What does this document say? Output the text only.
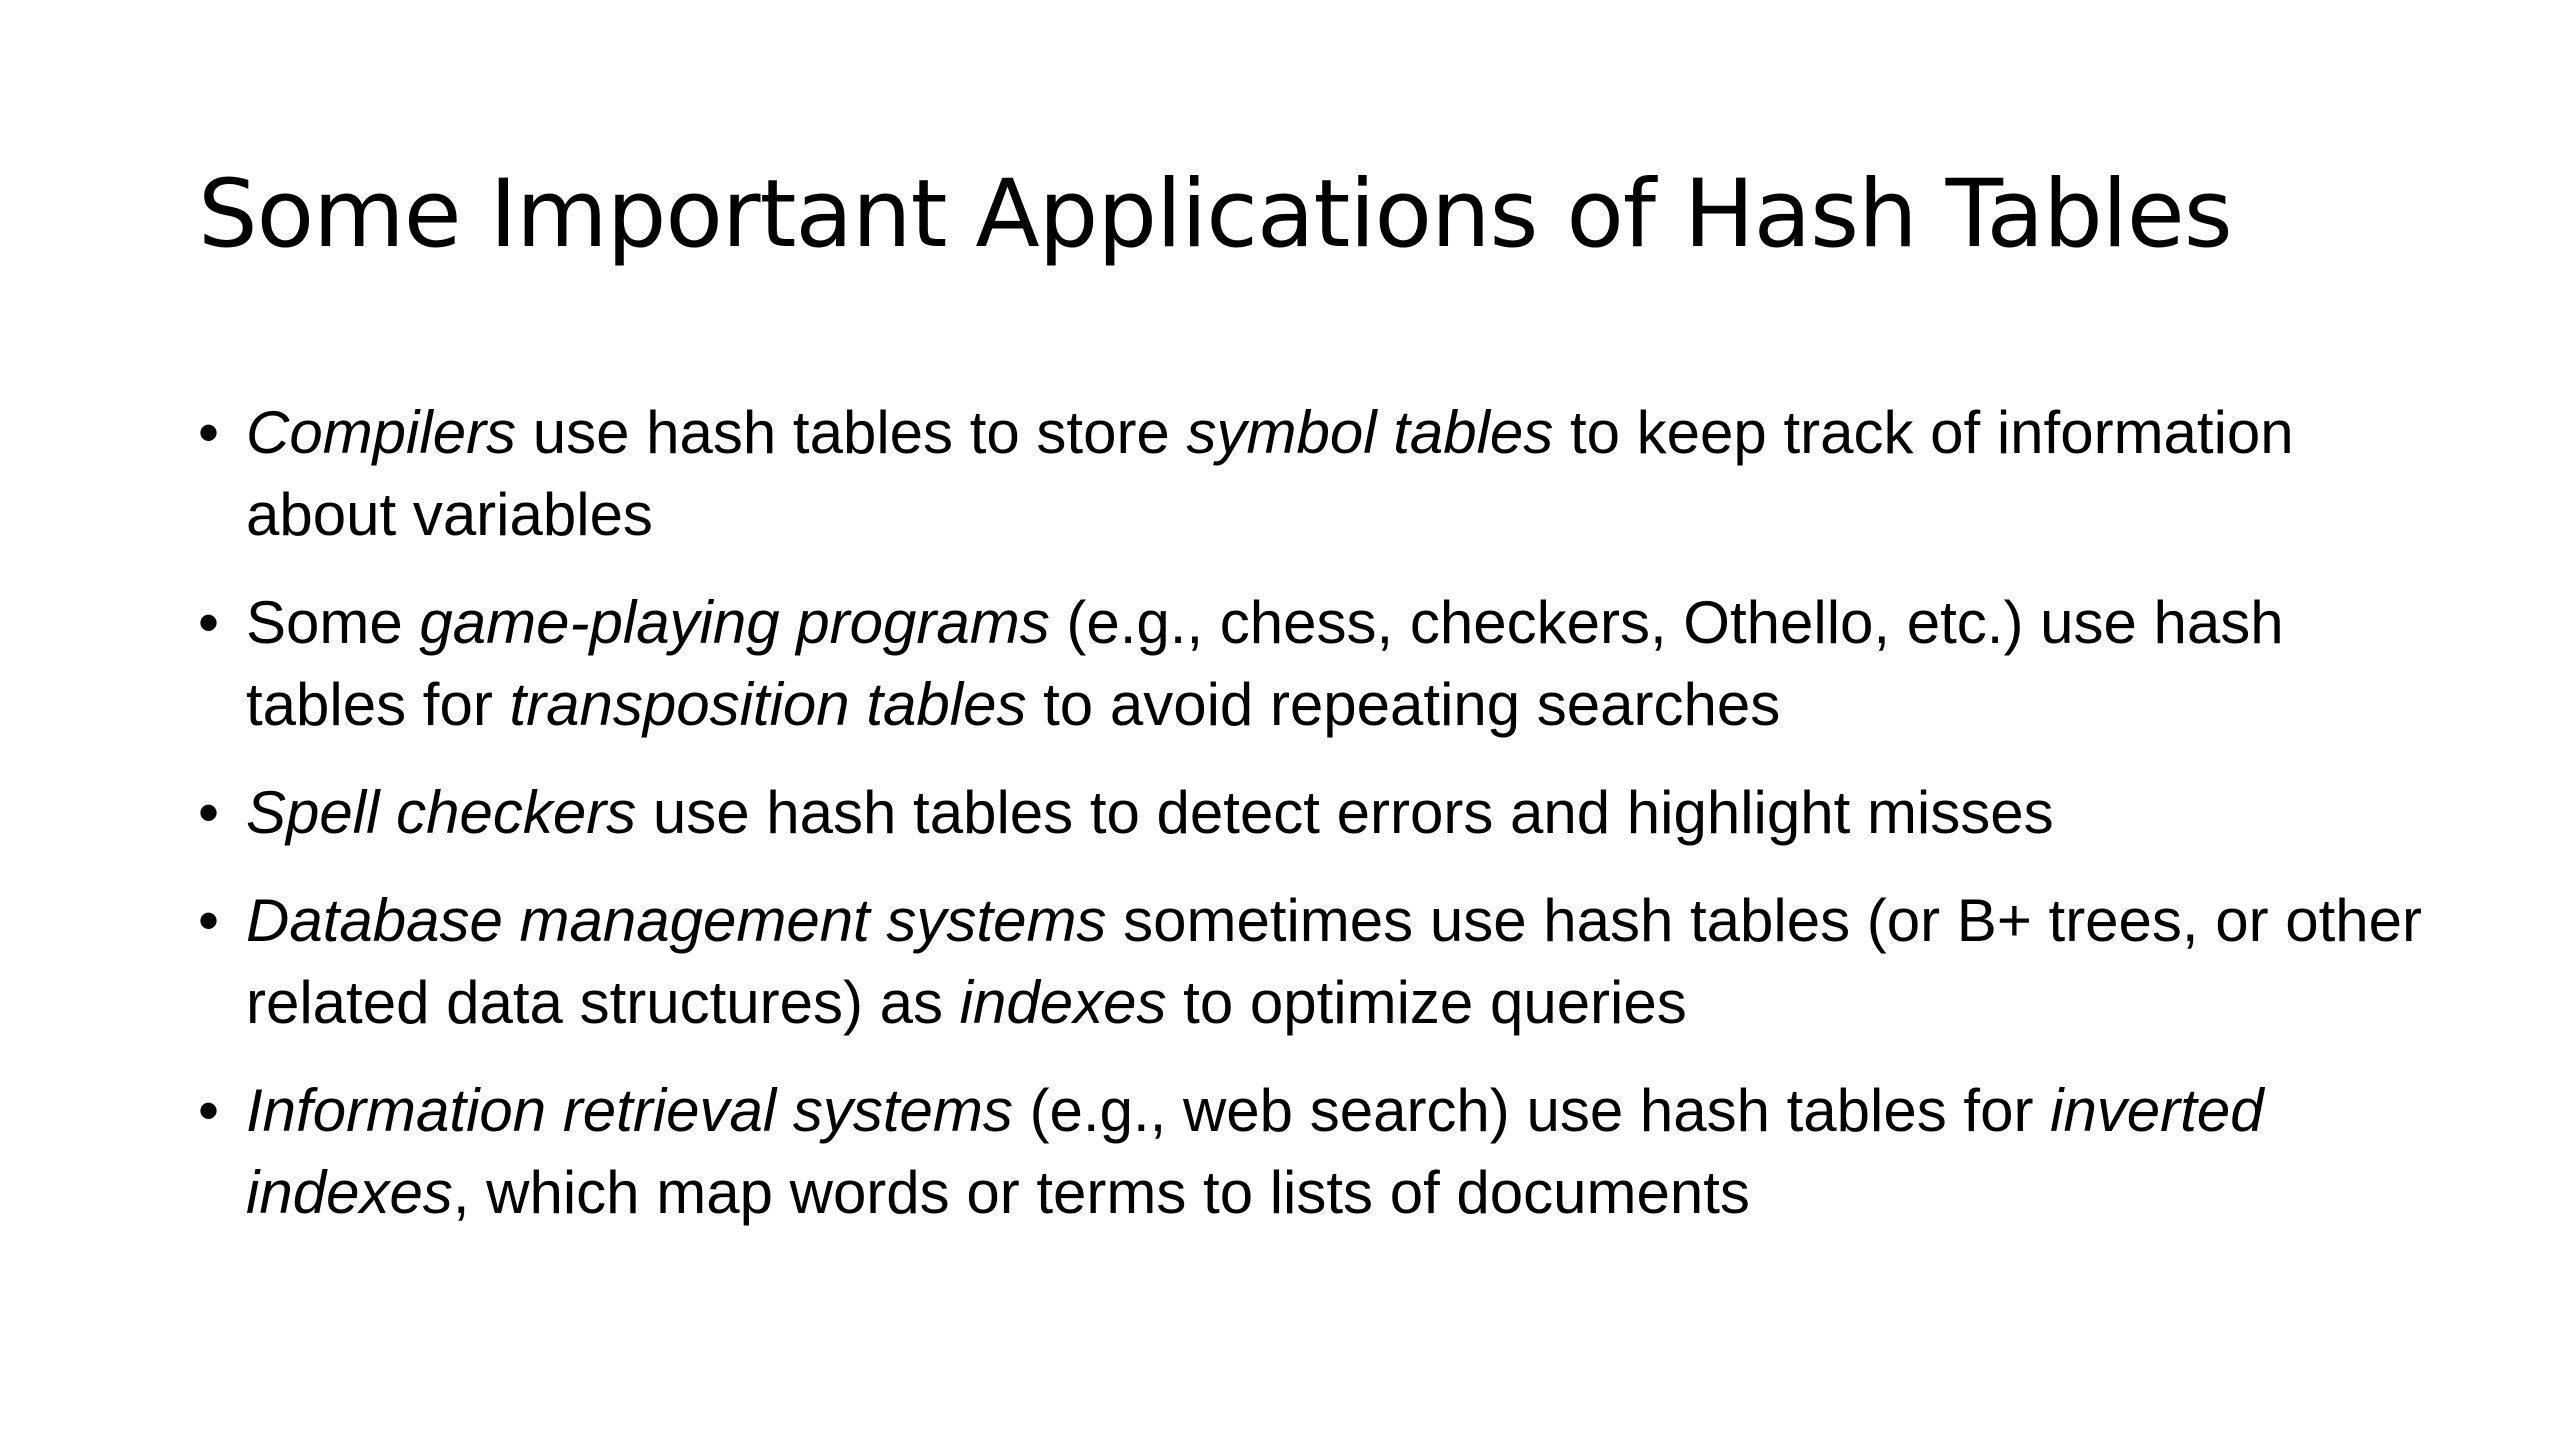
Some Important Applications of Hash Tables
• Compilers use hash tables to store symbol tables to keep track of information about variables
• Some game-playing programs (e.g., chess, checkers, Othello, etc.) use hash tables for transposition tables to avoid repeating searches
• Spell checkers use hash tables to detect errors and highlight misses
• Database management systems sometimes use hash tables (or B+ trees, or other related data structures) as indexes to optimize queries
• Information retrieval systems (e.g., web search) use hash tables for inverted indexes, which map words or terms to lists of documents
